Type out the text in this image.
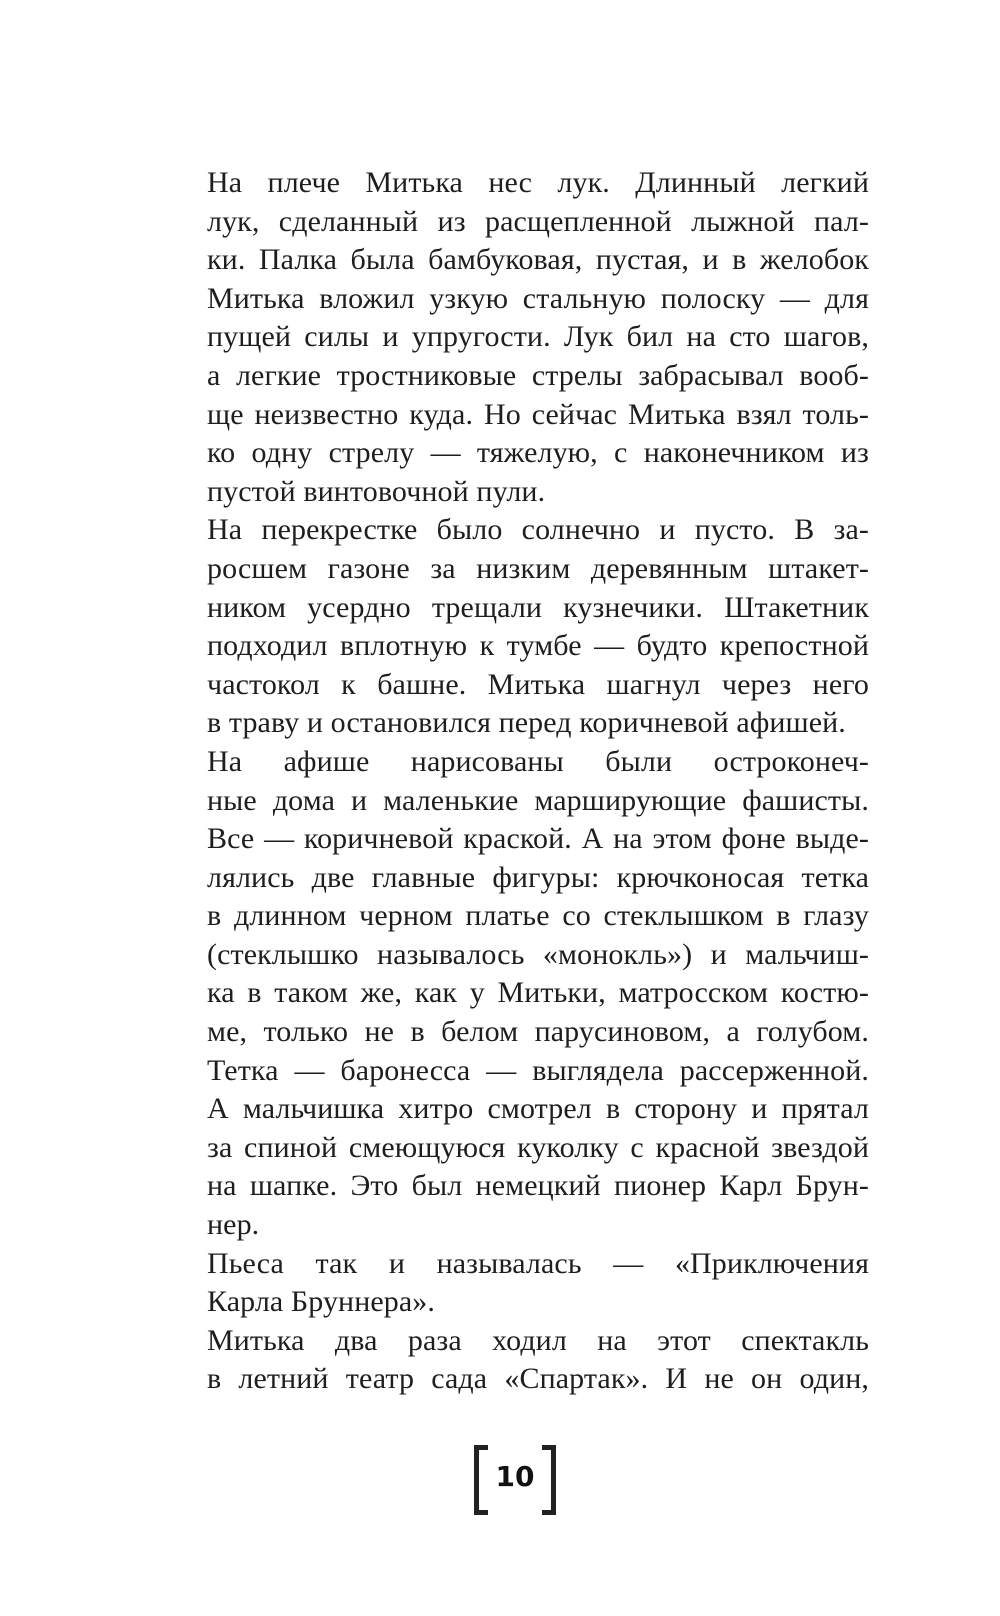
На плече Митька нес лук. Длинный легкий
лук, сделанный из расщепленной лыжной пал-
ки. Палка была бамбуковая, пустая, и в желобок
Митька вложил узкую стальную полоску — для
пущей силы и упругости. Лук бил на сто шагов,
а легкие тростниковые стрелы забрасывал вооб-
ще неизвестно куда. Но сейчас Митька взял толь-
ко одну стрелу — тяжелую, с наконечником из
пустой винтовочной пули.

На перекрестке было солнечно и пусто. В за-
росшем газоне за низким деревянным штакет-
ником усердно трещали кузнечики. Штакетник
подходил вплотную к тумбе — будто крепостной
частокол к башне. Митька шагнул через него
в траву и остановился перед коричневой афишей.

На афише нарисованы были остроконеч-
ные дома и маленькие марширующие фашисты.
Все — коричневой краской. А на этом фоне выде-
лялись две главные фигуры: крючконосая тетка
в длинном черном платье со стеклышком в глазу
(стеклышко называлось «монокль») и мальчиш-
ка в таком же, как у Митьки, матросском костю-
ме, только не в белом парусиновом, а голубом.
Тетка — баронесса — выглядела рассерженной.
А мальчишка хитро смотрел в сторону и прятал
за спиной смеющуюся куколку с красной звездой
на шапке. Это был немецкий пионер Карл Брун-
нер.

Пьеса так и называлась — «Приключения
Карла Бруннера».

Митька два раза ходил на этот спектакль
в летний театр сада «Спартак». И не он один,

10
